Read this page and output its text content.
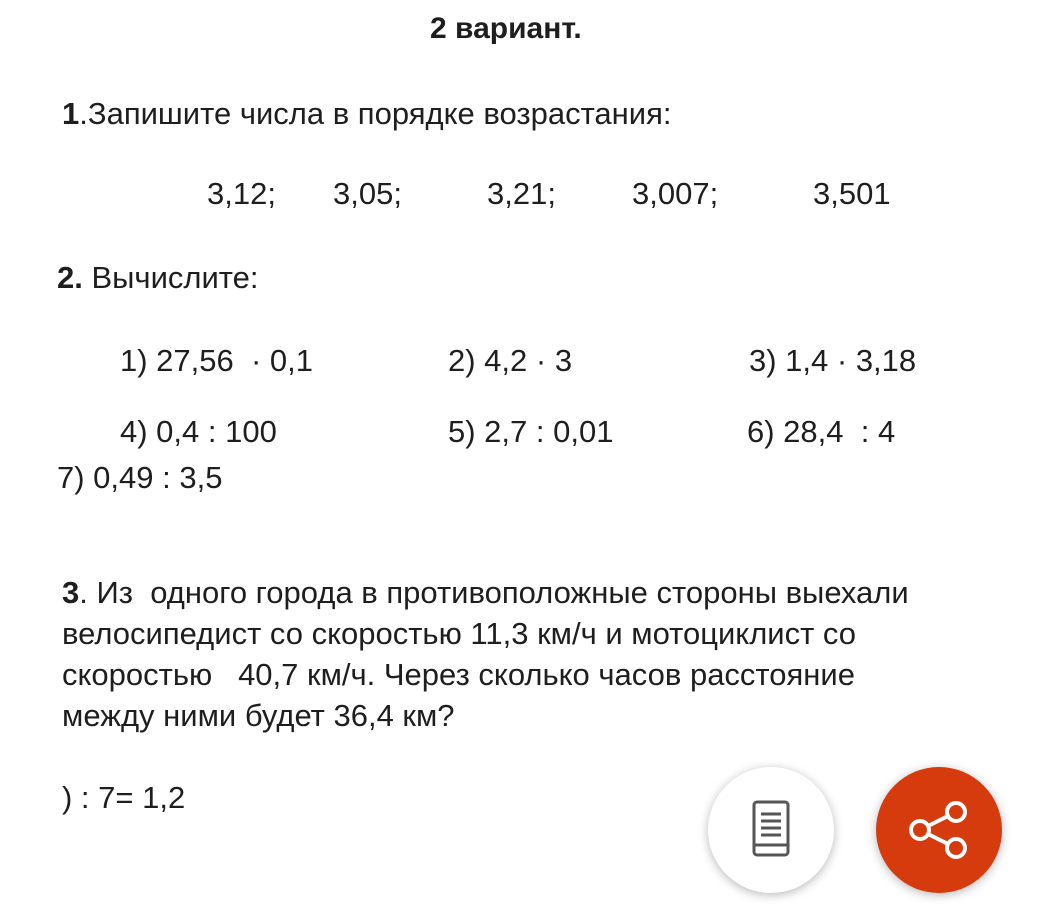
2 вариант.
1.Запишите числа в порядке возрастания:
3,12; 3,05;	3,21; 3,007;	3,501
2. Вычислите:
1) 27,56  · 0,1	2) 4,2 · 3	3) 1,4 · 3,18
4) 0,4 : 100	5) 2,7 : 0,01	6) 28,4  : 4
7) 0,49 : 3,5
3. Из  одного города в противоположные стороны выехали
велосипедист со скоростью 11,3 км/ч и мотоциклист со
скоростью   40,7 км/ч. Через сколько часов расстояние
между ними будет 36,4 км?
) : 7= 1,2
